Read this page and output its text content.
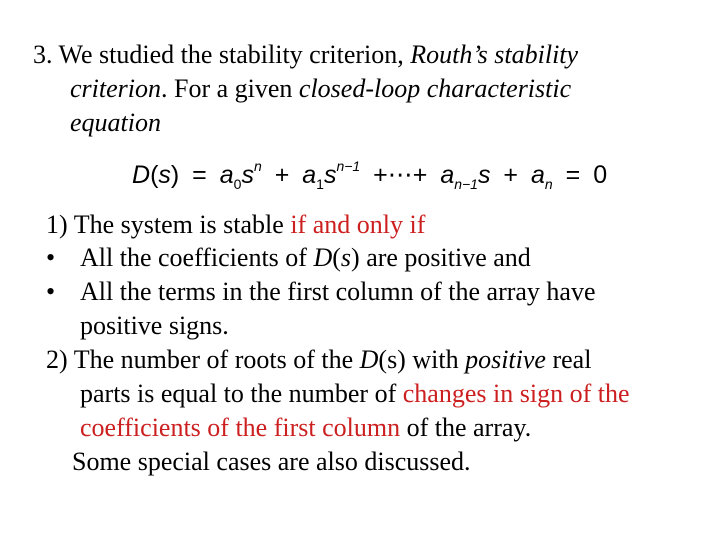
3. We studied the stability criterion, Routh’s stability
criterion. For a given closed-loop characteristic
equation
$D(s) = a_0s^n + a_1s^{n-1}$ +⋯+ $a_{n-1}s + a_n = 0$
1) The system is stable if and only if
• All the coefficients of D(s) are positive and
• All the terms in the first column of the array have
positive signs.
2) The number of roots of the D(s) with positive real
parts is equal to the number of changes in sign of the
coefficients of the first column of the array.
Some special cases are also discussed.
